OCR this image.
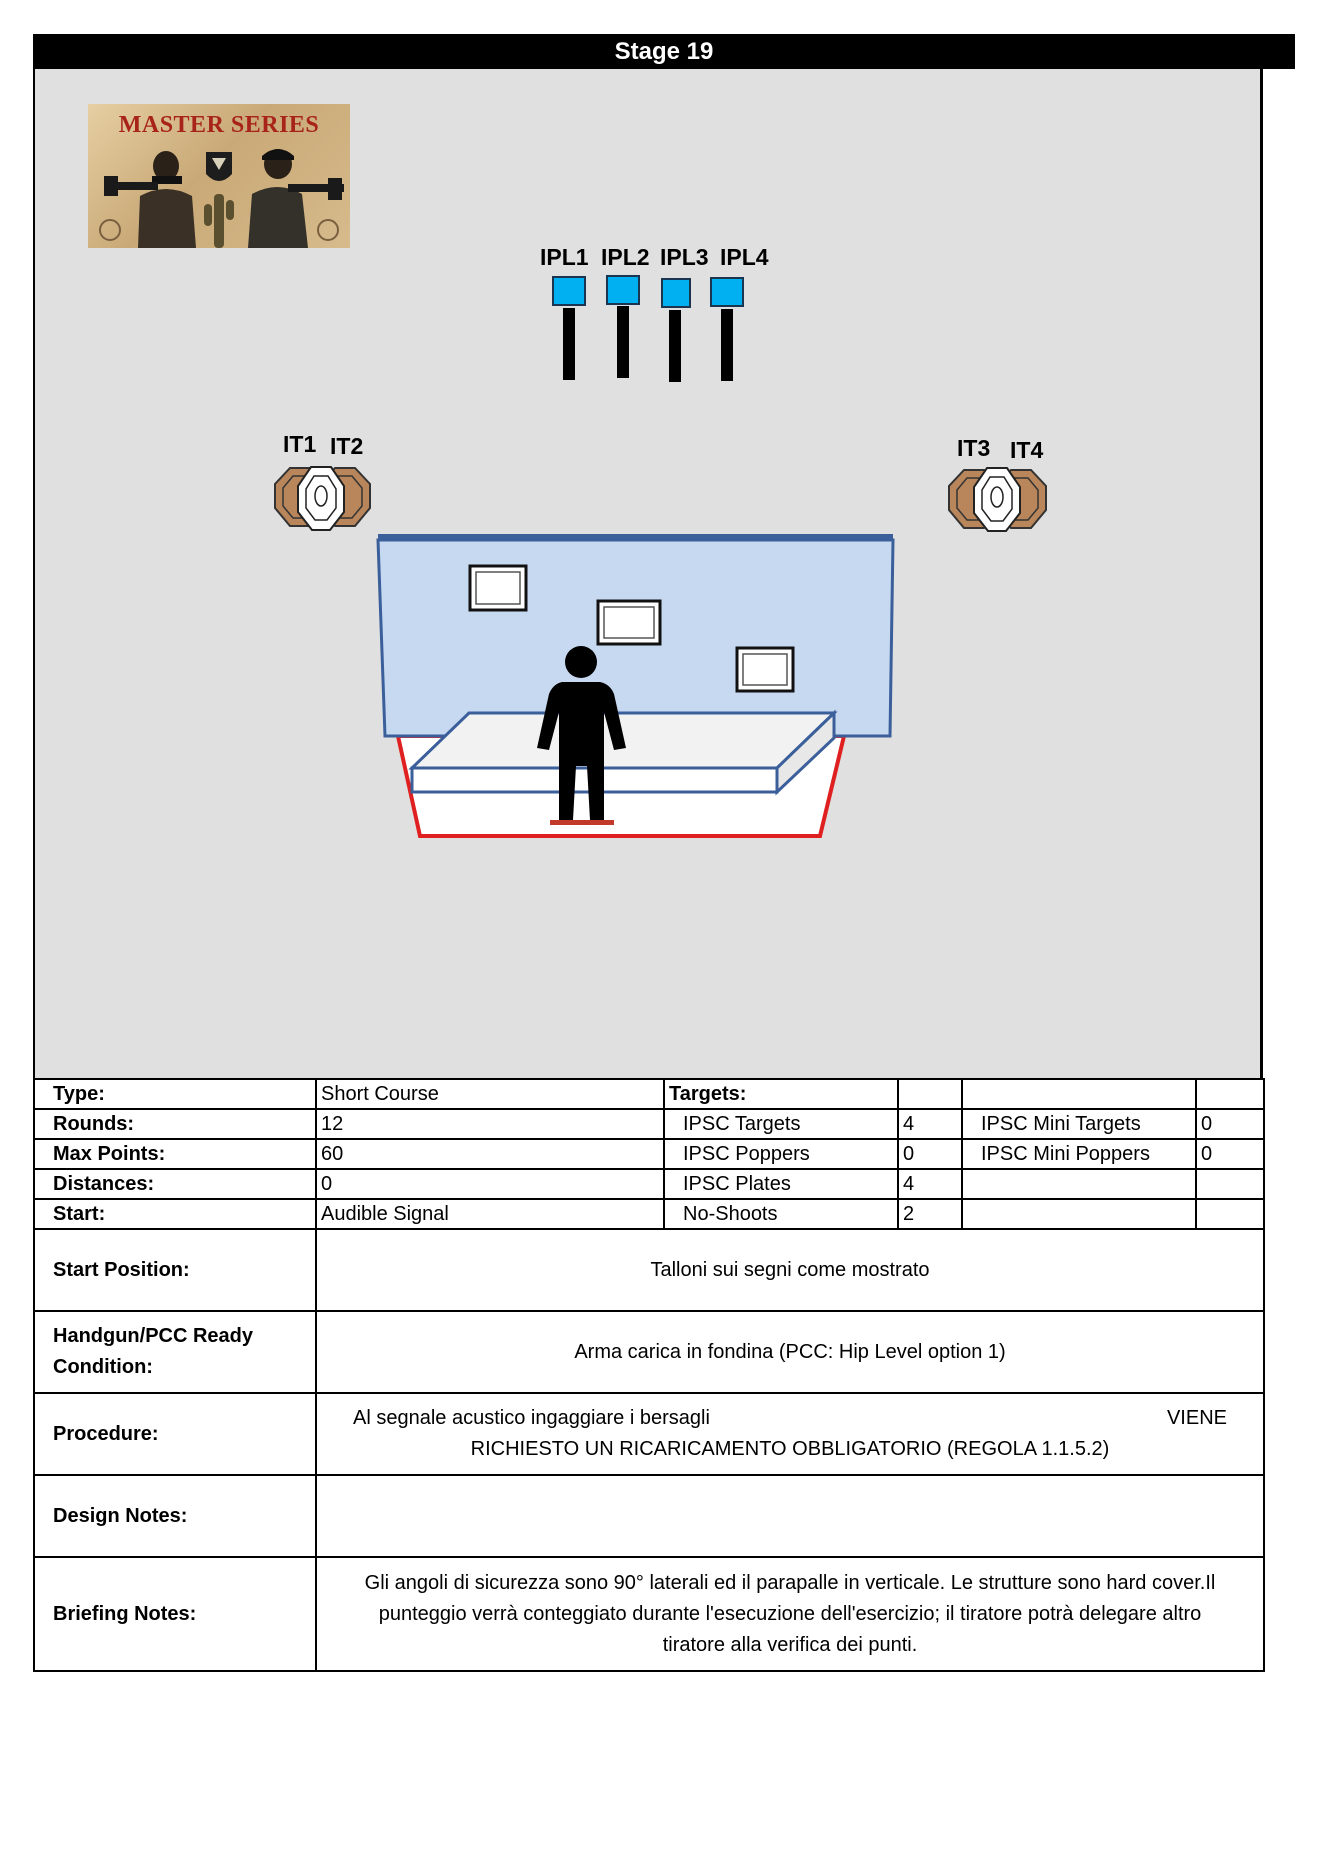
Stage 19
MASTER SERIES
IPL1 IPL2 IPL3 IPL4
IT1 IT2	IT3 IT4
Type:	Short Course	Targets:			
Rounds:	12	IPSC Targets	4	IPSC Mini Targets	0
Max Points:	60	IPSC Poppers	0	IPSC Mini Poppers	0
Distances:	0	IPSC Plates	4		
Start:	Audible Signal	No-Shoots	2		
Start Position:	Talloni sui segni come mostrato				
Handgun/PCC Ready
Condition:	Arma carica in fondina (PCC: Hip Level option 1)				
Procedure:	Al segnale acustico ingaggiare i bersagli VIENE
RICHIESTO UN RICARICAMENTO OBBLIGATORIO (REGOLA 1.1.5.2)				

Design Notes:					
Briefing Notes:	Gli angoli di sicurezza sono 90° laterali ed il parapalle in verticale. Le strutture sono hard cover.Il punteggio verrà conteggiato durante l'esecuzione dell'esercizio; il tiratore potrà delegare altro tiratore alla verifica dei punti.				
